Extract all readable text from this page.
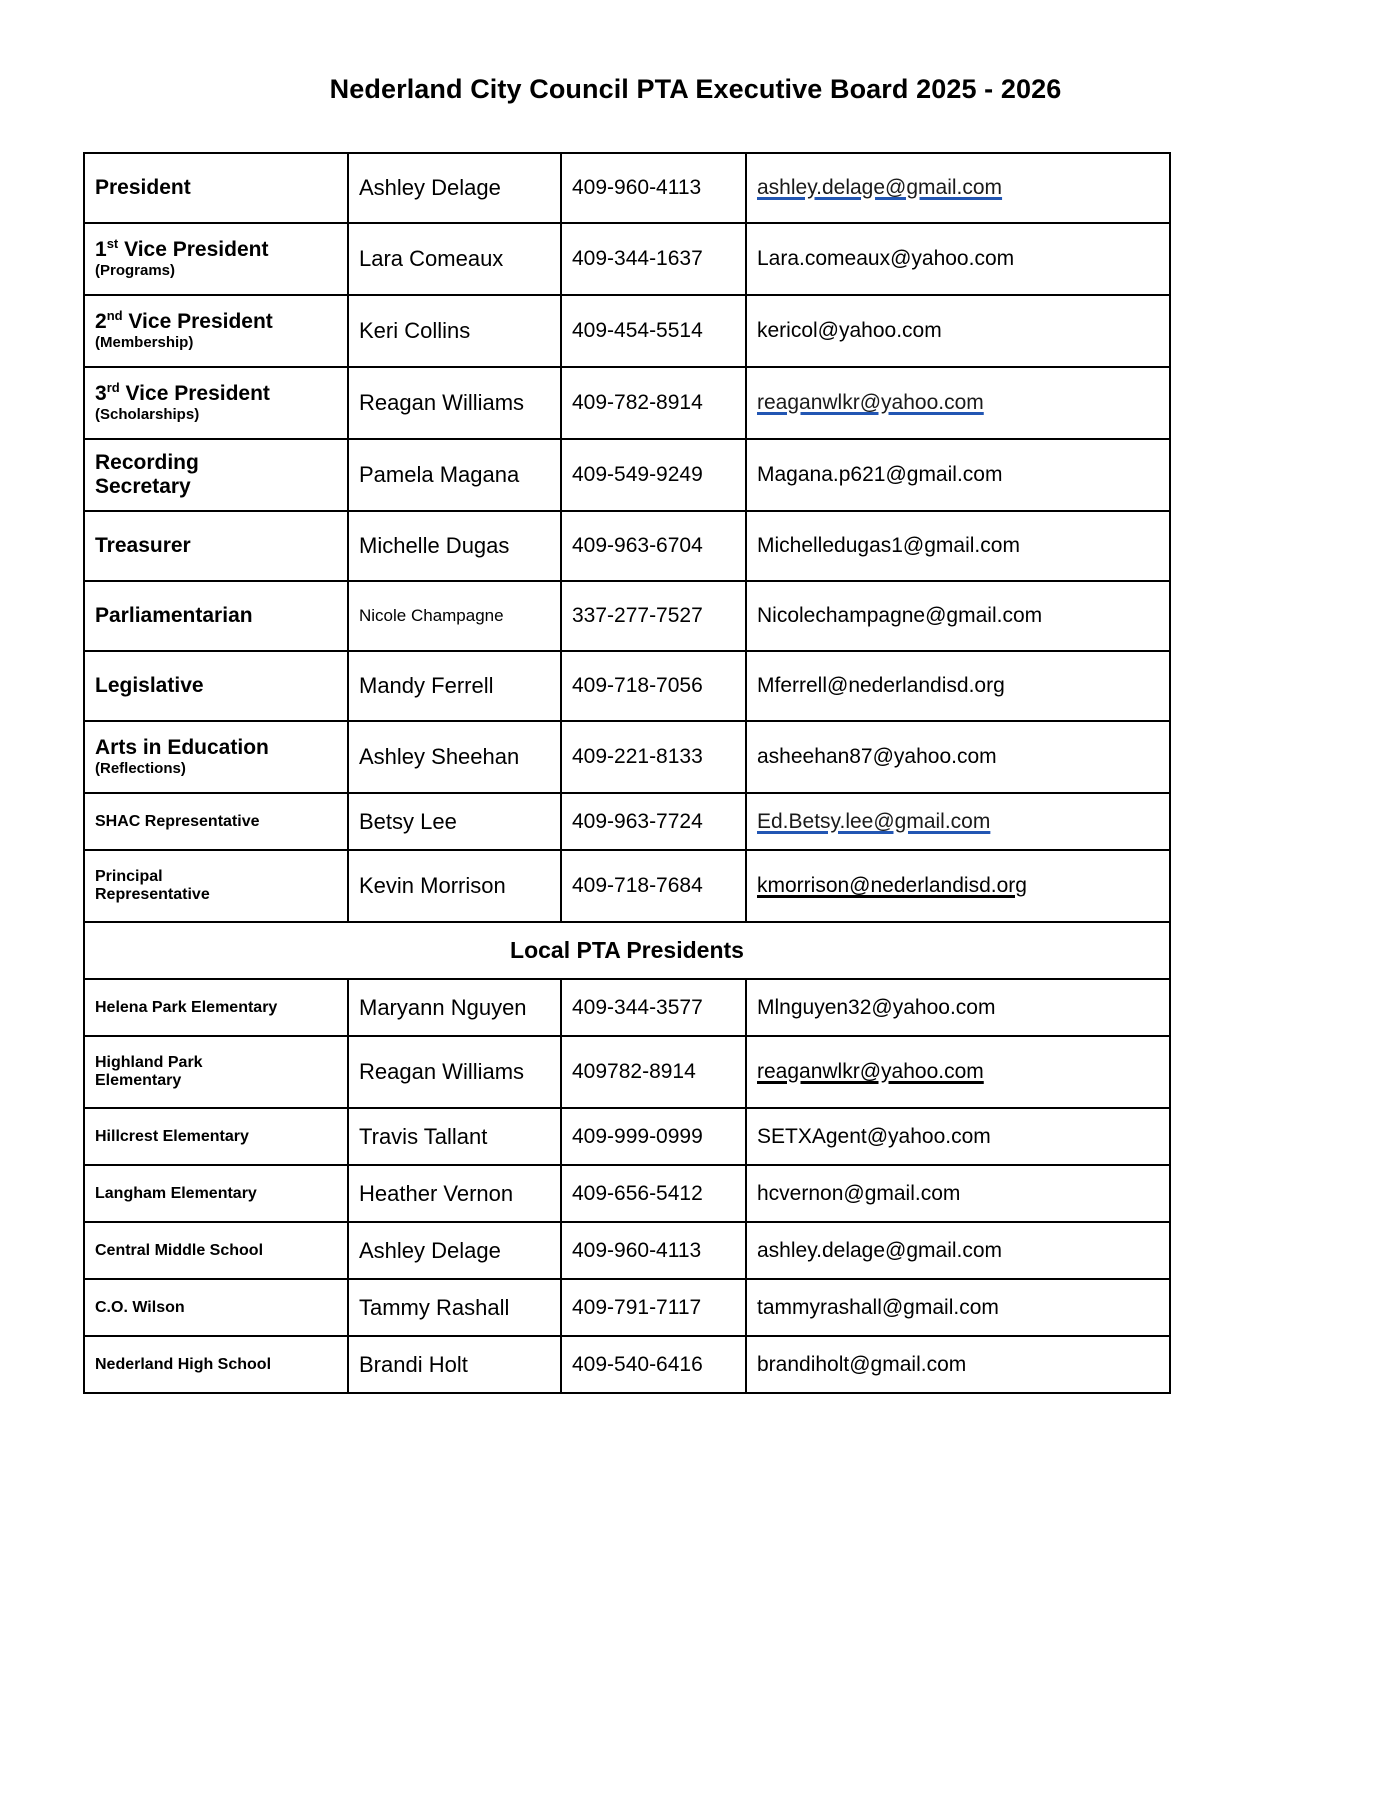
Nederland City Council PTA Executive Board 2025 - 2026
President	Ashley Delage	409-960-4113	ashley.delage@gmail.com
1st Vice President
(Programs)	Lara Comeaux	409-344-1637	Lara.comeaux@yahoo.com
2nd Vice President
(Membership)	Keri Collins	409-454-5514	kericol@yahoo.com
3rd Vice President
(Scholarships)	Reagan Williams	409-782-8914	reaganwlkr@yahoo.com
Recording
Secretary	Pamela Magana	409-549-9249	Magana.p621@gmail.com
Treasurer	Michelle Dugas	409-963-6704	Michelledugas1@gmail.com
Parliamentarian	Nicole Champagne	337-277-7527	Nicolechampagne@gmail.com
Legislative	Mandy Ferrell	409-718-7056	Mferrell@nederlandisd.org
Arts in Education
(Reflections)	Ashley Sheehan	409-221-8133	asheehan87@yahoo.com
SHAC Representative	Betsy Lee	409-963-7724	Ed.Betsy.lee@gmail.com
Principal
Representative	Kevin Morrison	409-718-7684	kmorrison@nederlandisd.org
Local PTA Presidents			
Helena Park Elementary	Maryann Nguyen	409-344-3577	Mlnguyen32@yahoo.com
Highland Park
Elementary	Reagan Williams	409782-8914	reaganwlkr@yahoo.com
Hillcrest Elementary	Travis Tallant	409-999-0999	SETXAgent@yahoo.com
Langham Elementary	Heather Vernon	409-656-5412	hcvernon@gmail.com
Central Middle School	Ashley Delage	409-960-4113	ashley.delage@gmail.com
C.O. Wilson	Tammy Rashall	409-791-7117	tammyrashall@gmail.com
Nederland High School	Brandi Holt	409-540-6416	brandiholt@gmail.com
